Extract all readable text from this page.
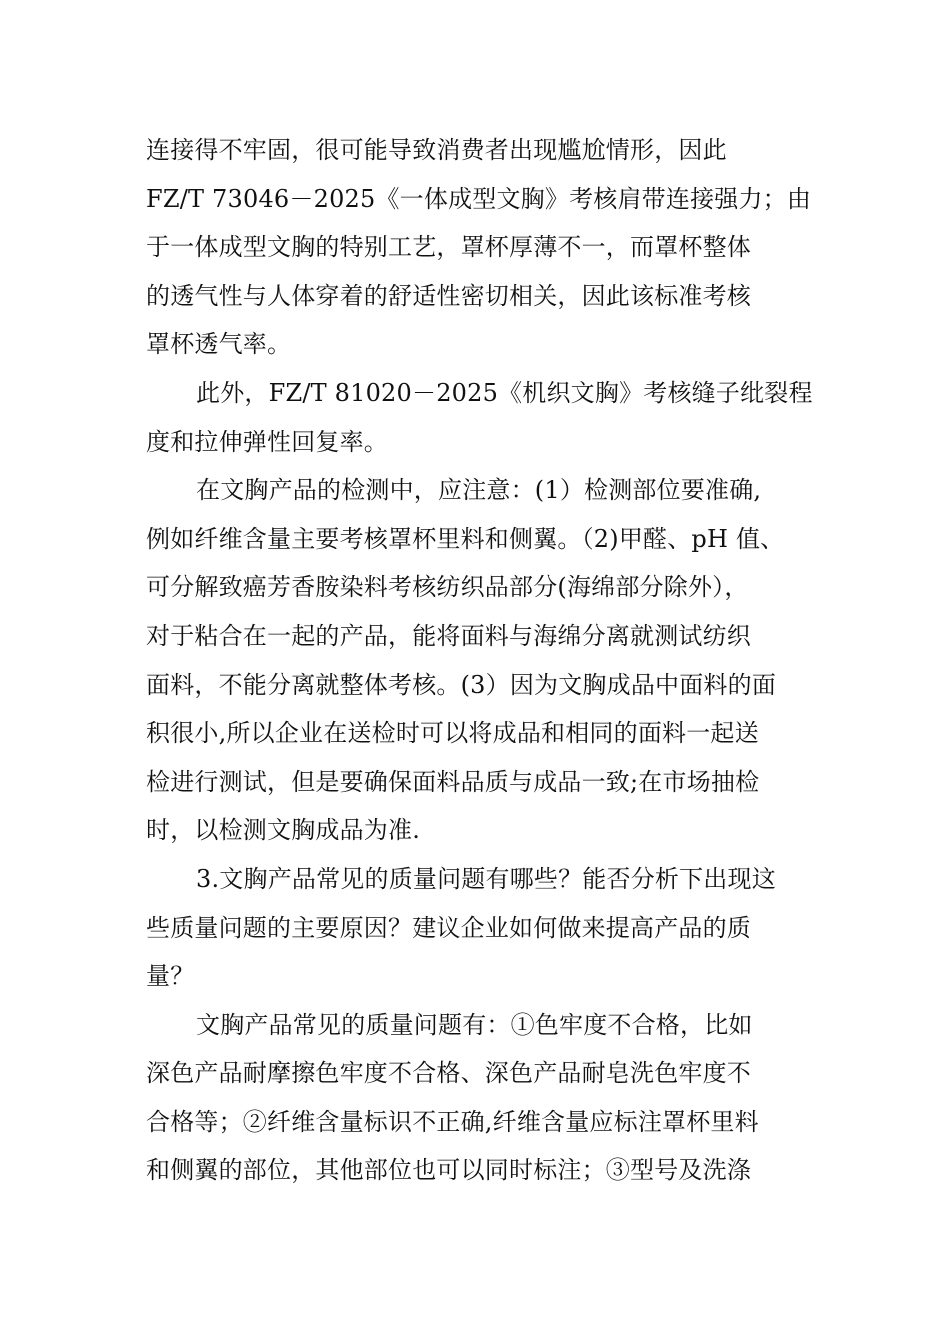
连接得不牢固，很可能导致消费者出现尴尬情形，因此
FZ/T 73046－2025《一体成型文胸》考核肩带连接强力；由
于一体成型文胸的特别工艺，罩杯厚薄不一，而罩杯整体
的透气性与人体穿着的舒适性密切相关，因此该标准考核
罩杯透气率。
此外，FZ/T 81020－2025《机织文胸》考核缝子纰裂程
度和拉伸弹性回复率。
在文胸产品的检测中，应注意：(1）检测部位要准确,
例如纤维含量主要考核罩杯里料和侧翼。（2)甲醛、pH 值、
可分解致癌芳香胺染料考核纺织品部分(海绵部分除外），
对于粘合在一起的产品，能将面料与海绵分离就测试纺织
面料，不能分离就整体考核。(3）因为文胸成品中面料的面
积很小,所以企业在送检时可以将成品和相同的面料一起送
检进行测试，但是要确保面料品质与成品一致;在市场抽检
时，以检测文胸成品为准.
3.文胸产品常见的质量问题有哪些？能否分析下出现这
些质量问题的主要原因？建议企业如何做来提高产品的质
量？
文胸产品常见的质量问题有：①色牢度不合格，比如
深色产品耐摩擦色牢度不合格、深色产品耐皂洗色牢度不
合格等；②纤维含量标识不正确,纤维含量应标注罩杯里料
和侧翼的部位，其他部位也可以同时标注；③型号及洗涤
